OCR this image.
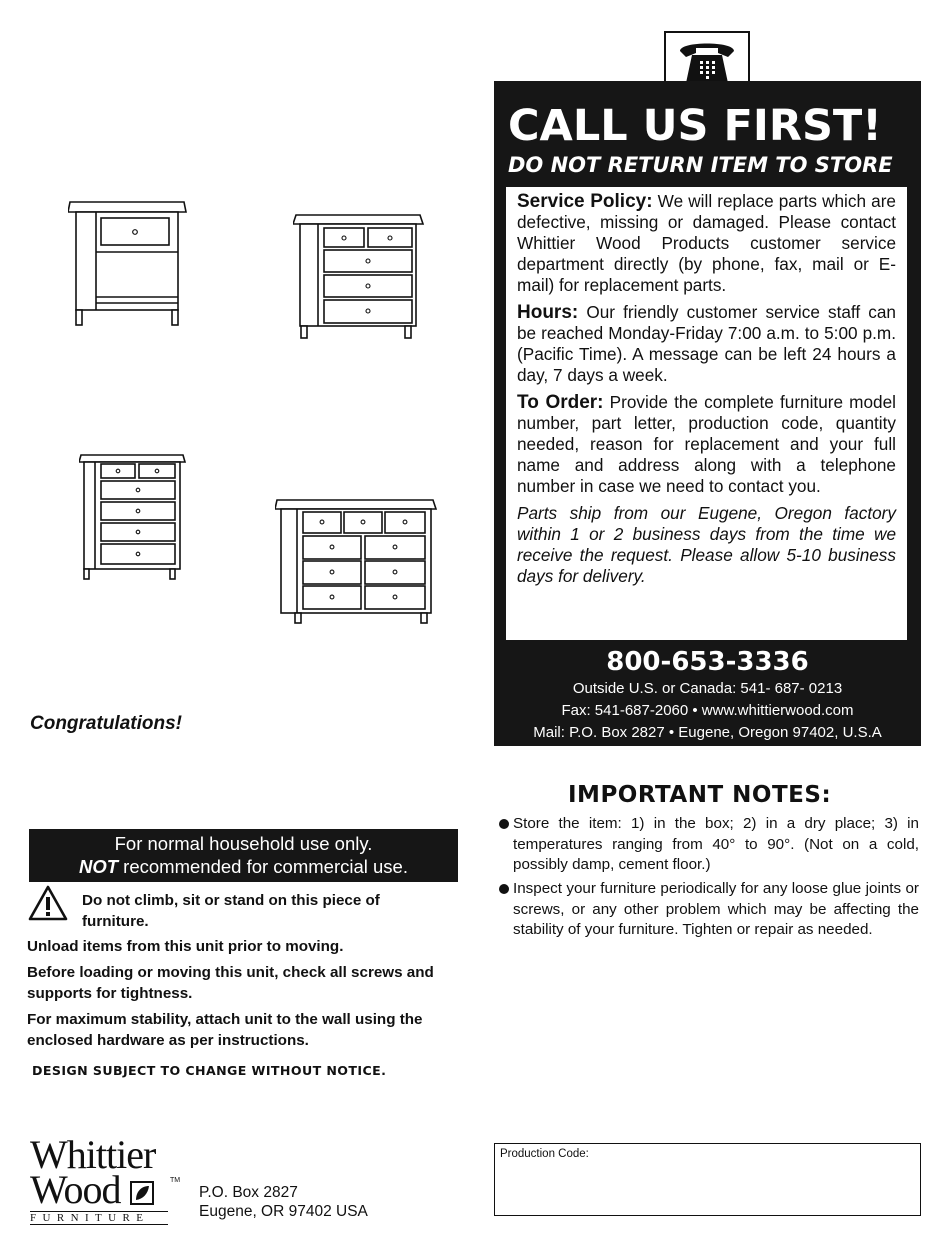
CALL US FIRST!
DO NOT RETURN ITEM TO STORE

Service Policy: We will replace parts which are defective, missing or damaged. Please contact Whittier Wood Products customer service department directly (by phone, fax, mail or E-mail) for replacement parts.

Hours: Our friendly customer service staff can be reached Monday-Friday 7:00 a.m. to 5:00 p.m. (Pacific Time). A message can be left 24 hours a day, 7 days a week.

To Order: Provide the complete furniture model number, part letter, production code, quantity needed, reason for replacement and your full name and address along with a telephone number in case we need to contact you.

Parts ship from our Eugene, Oregon factory within 1 or 2 business days from the time we receive the request. Please allow 5-10 business days for delivery.

800-653-3336
Outside U.S. or Canada: 541- 687- 0213
Fax: 541-687-2060 • www.whittierwood.com
Mail: P.O. Box 2827 • Eugene, Oregon 97402, U.S.A
Congratulations!
For normal household use only.
NOT recommended for commercial use.
Do not climb, sit or stand on this piece of furniture.
Unload items from this unit prior to moving.
Before loading or moving this unit, check all screws and supports for tightness.
For maximum stability, attach unit to the wall using the enclosed hardware as per instructions.
DESIGN SUBJECT TO CHANGE WITHOUT NOTICE.
IMPORTANT NOTES:
Store the item: 1) in the box; 2) in a dry place; 3) in temperatures ranging from 40° to 90°. (Not on a cold, possibly damp, cement floor.)
Inspect your furniture periodically for any loose glue joints or screws, or any other problem which may be affecting the stability of your furniture. Tighten or repair as needed.
Whittier
Wood	TM
FURNITURE
P.O. Box 2827
Eugene, OR 97402 USA
Production Code:
